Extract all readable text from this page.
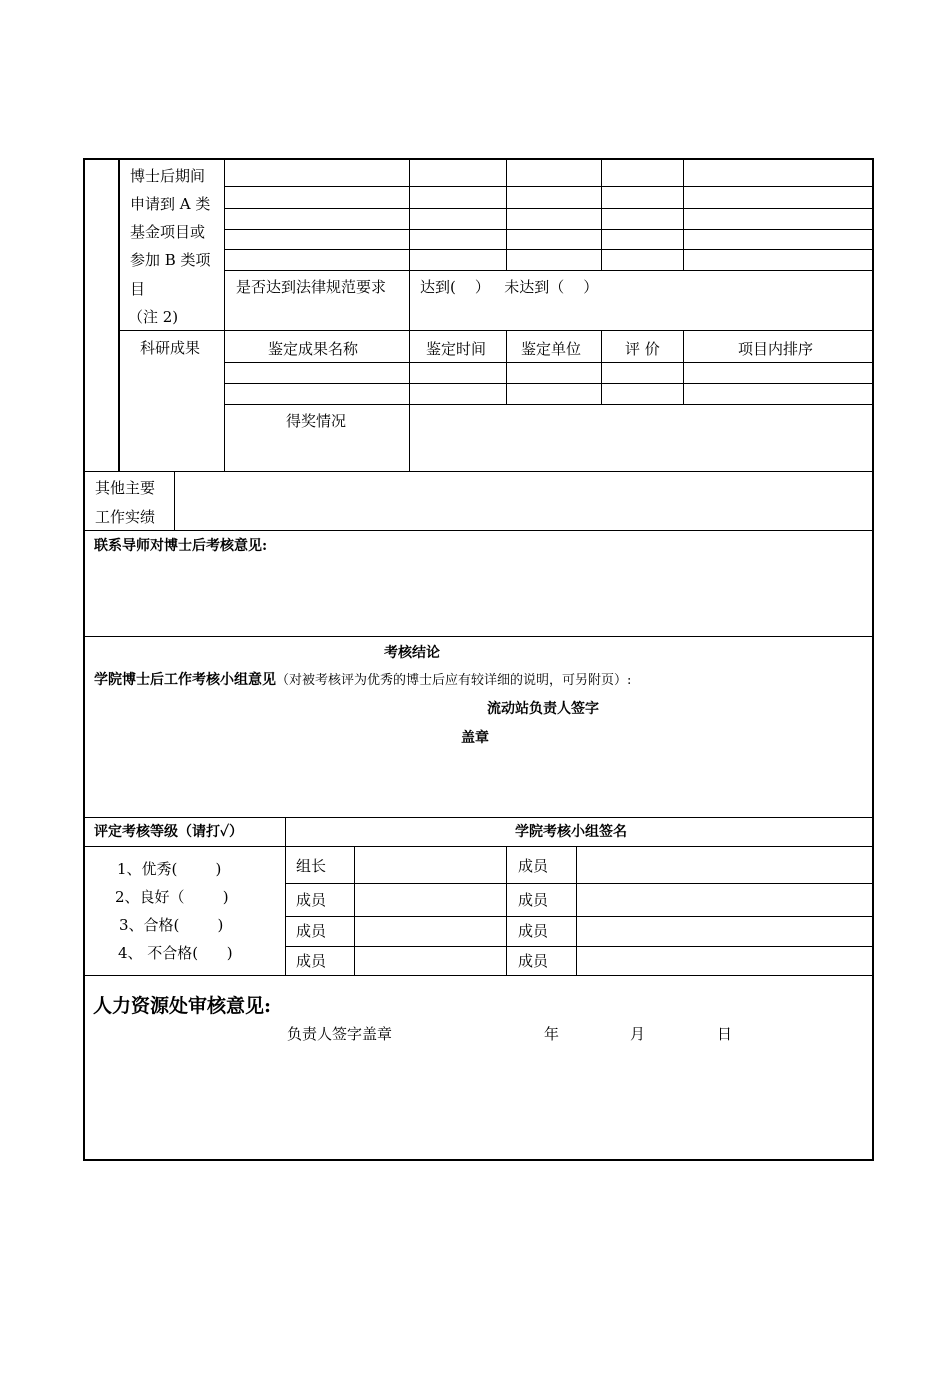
博士后期间
申请到 A 类
基金项目或
参加 B 类项
目
（注 2)
是否达到法律规范要求 达到(    ）   未达到（    ）
科研成果	鉴定成果名称	鉴定时间 鉴定单位	评 价	项目内排序
得奖情况
其他主要
工作实绩
联系导师对博士后考核意见:
考核结论
学院博士后工作考核小组意见（对被考核评为优秀的博士后应有较详细的说明，可另附页）:
流动站负责人签字
盖章
评定考核等级（请打✓）	学院考核小组签名
1、优秀(        )
2、良好（        )
3、合格(        )
4、 不合格(      )
组长	成员
成员	成员
成员	成员
成员	成员
人力资源处审核意见:
负责人签字盖章	年	月	日
